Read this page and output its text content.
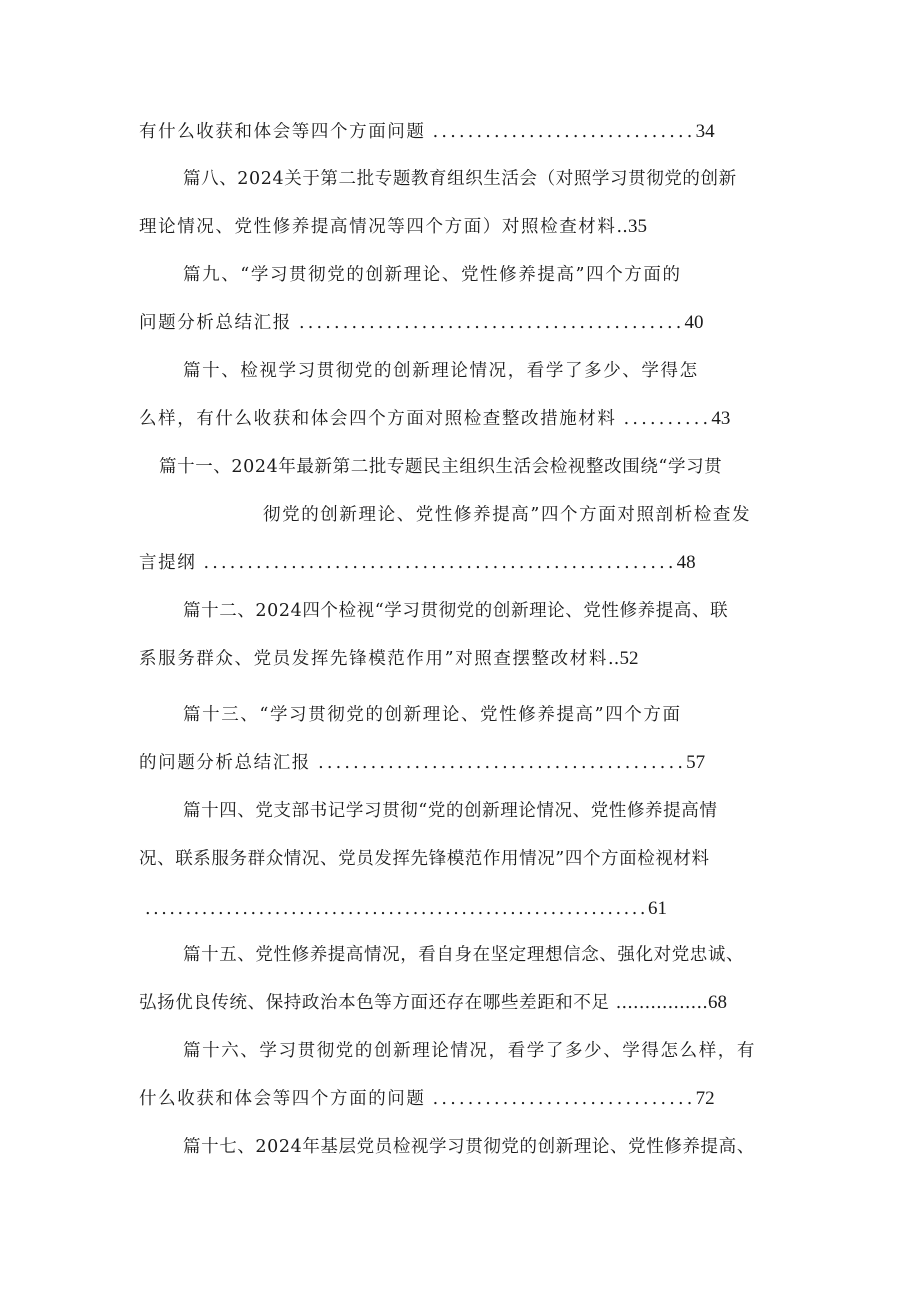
有什么收获和体会等四个方面问题 ..............................34
篇八、2024关于第二批专题教育组织生活会（对照学习贯彻党的创新
理论情况、党性修养提高情况等四个方面）对照检查材料..35
篇九、“学习贯彻党的创新理论、党性修养提高”四个方面的
问题分析总结汇报 ............................................40
篇十、检视学习贯彻党的创新理论情况，看学了多少、学得怎
么样，有什么收获和体会四个方面对照检查整改措施材料 ..........43
篇十一、2024年最新第二批专题民主组织生活会检视整改围绕“学习贯
彻党的创新理论、党性修养提高”四个方面对照剖析检查发
言提纲 ......................................................48
篇十二、2024四个检视“学习贯彻党的创新理论、党性修养提高、联
系服务群众、党员发挥先锋模范作用”对照查摆整改材料..52
篇十三、“学习贯彻党的创新理论、党性修养提高”四个方面
的问题分析总结汇报 ..........................................57
篇十四、党支部书记学习贯彻“党的创新理论情况、党性修养提高情
况、联系服务群众情况、党员发挥先锋模范作用情况”四个方面检视材料
..............................................................61
篇十五、党性修养提高情况，看自身在坚定理想信念、强化对党忠诚、
弘扬优良传统、保持政治本色等方面还存在哪些差距和不足 ................68
篇十六、学习贯彻党的创新理论情况，看学了多少、学得怎么样，有
什么收获和体会等四个方面的问题 ..............................72
篇十七、2024年基层党员检视学习贯彻党的创新理论、党性修养提高、
